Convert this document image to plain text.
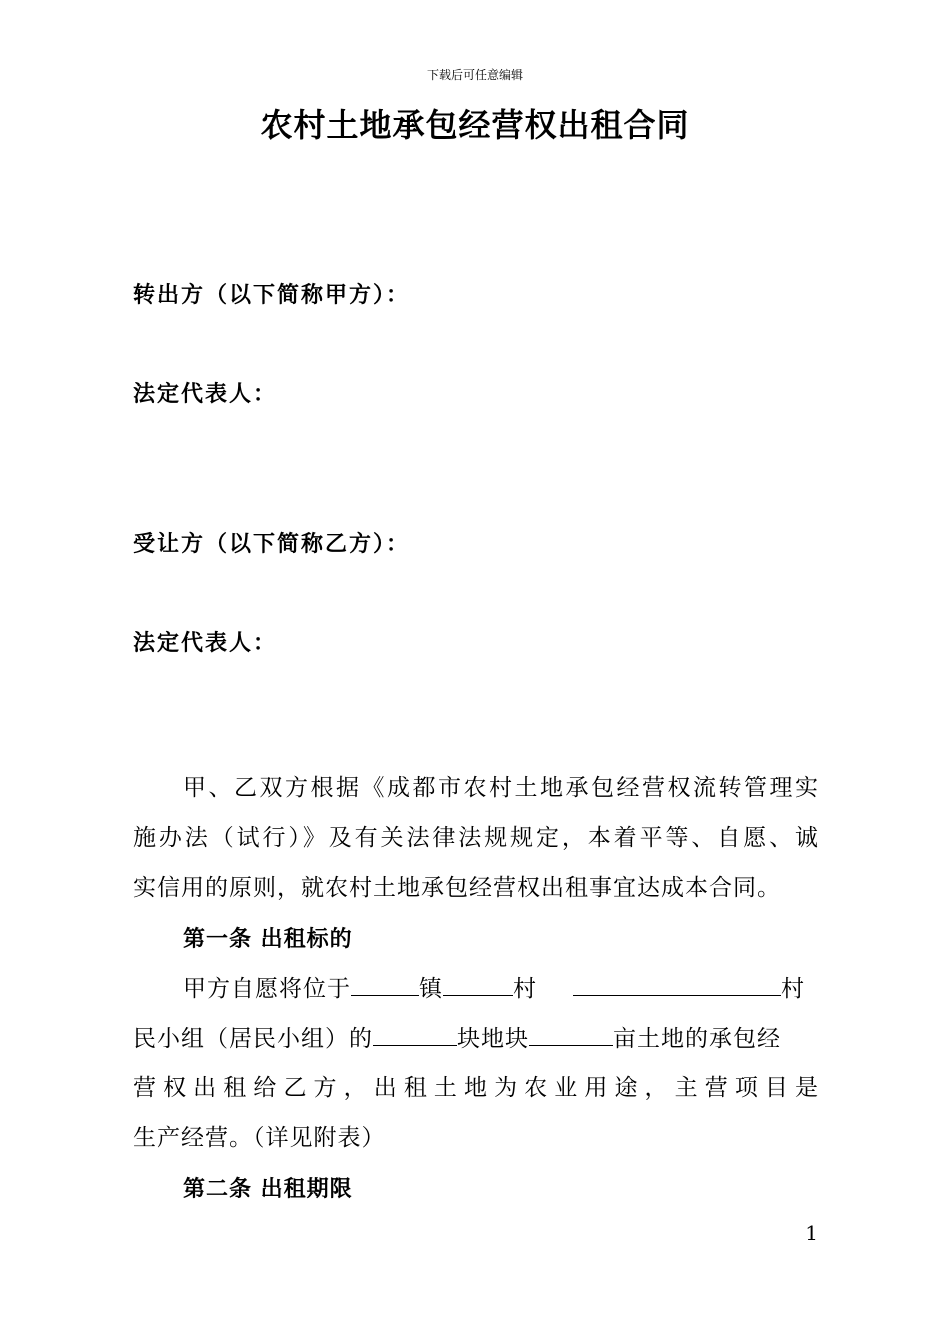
下载后可任意编辑
农村土地承包经营权出租合同
转出方（以下简称甲方）：
法定代表人：
受让方（以下简称乙方）：
法定代表人：
甲、乙双方根据《成都市农村土地承包经营权流转管理实
施办法（试行）》及有关法律法规规定，本着平等、自愿、诚
实信用的原则，就农村土地承包经营权出租事宜达成本合同。
第一条 出租标的
甲方自愿将位于	镇	村	村
民小组（居民小组）的	块地块	亩土地的承包经
营权出租给乙方，出租土地为农业用途，主营项目是
生产经营。（详见附表）
第二条 出租期限
1
